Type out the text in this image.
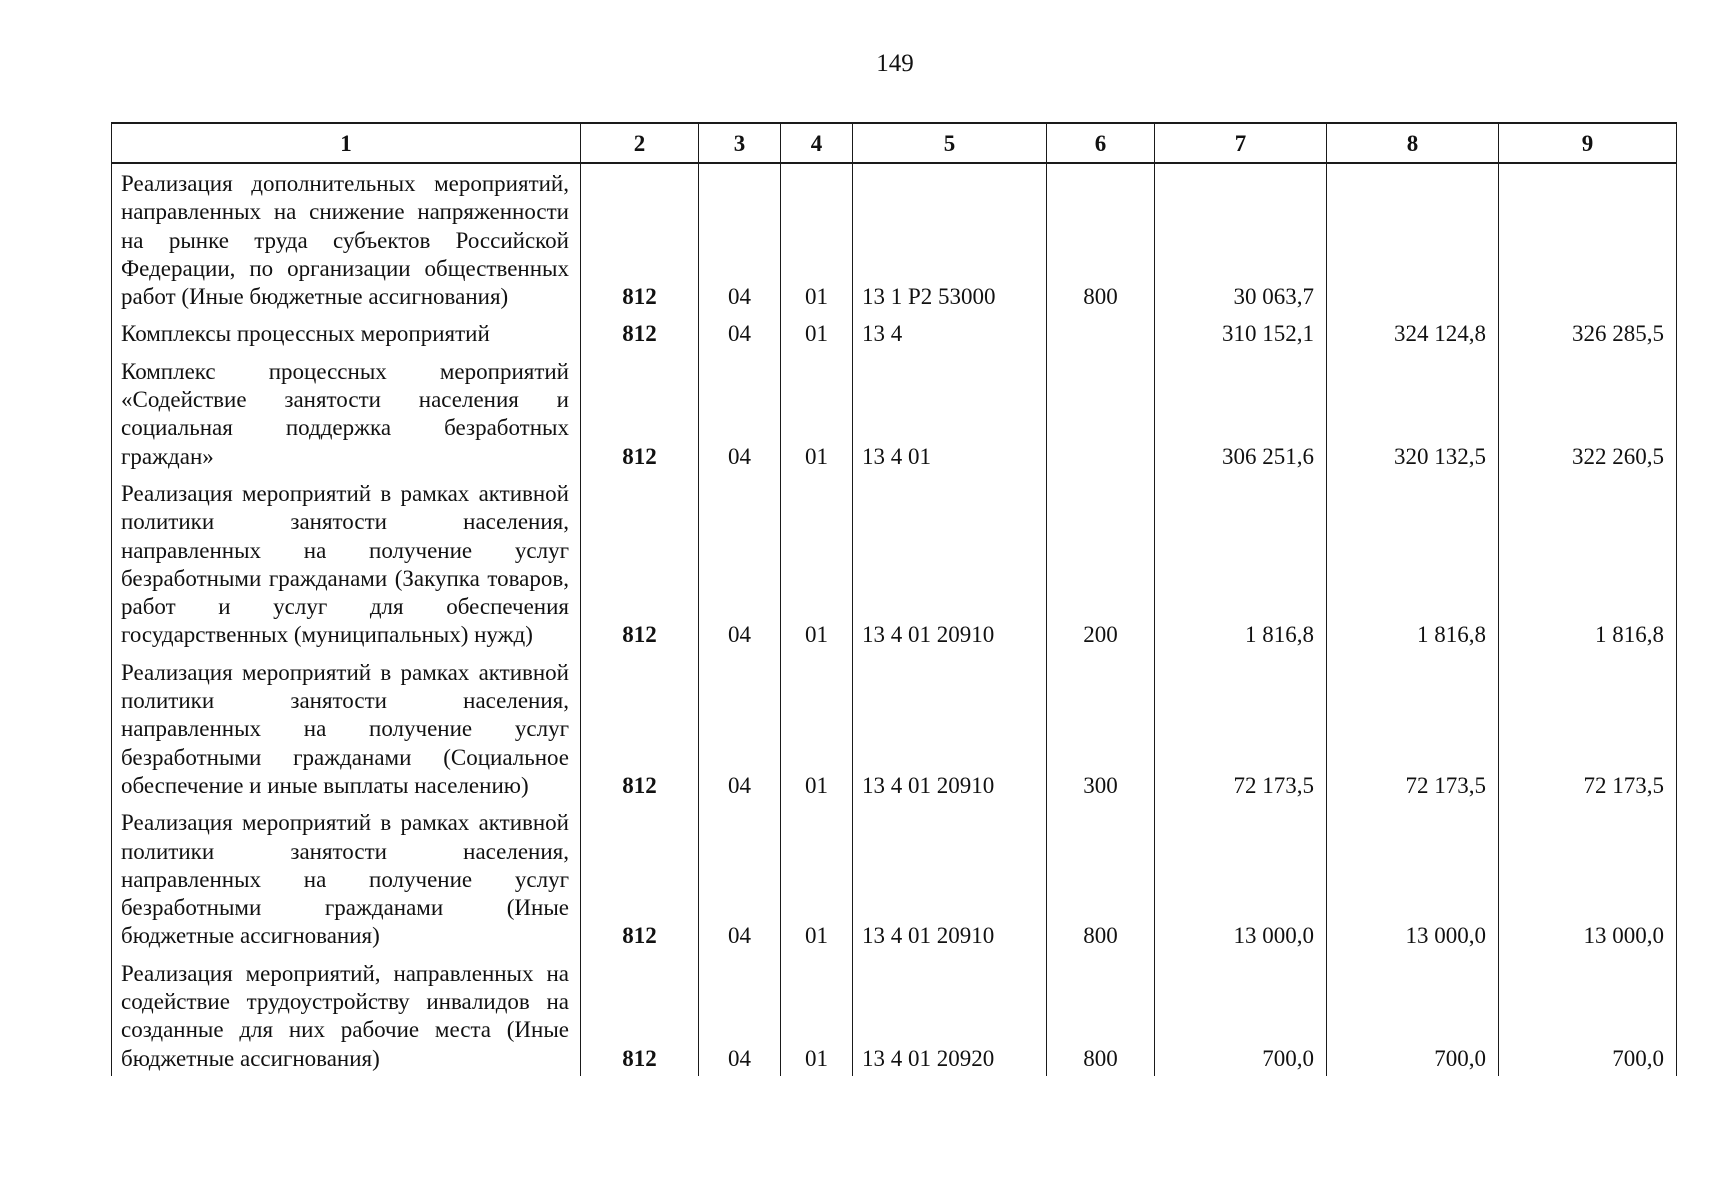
149
1	2	3	4	5	6	7	8	9
Реализация дополнительных мероприятий, направленных на снижение напряженности на рынке труда субъектов Российской Федерации, по организации общественных работ (Иные бюджетные ассигнования)	812	04	01	13 1 Р2 53000	800	30 063,7		
Комплексы процессных мероприятий	812	04	01	13 4		310 152,1	324 124,8	326 285,5
Комплекс процессных мероприятий «Содействие занятости населения и социальная поддержка безработных граждан»	812	04	01	13 4 01		306 251,6	320 132,5	322 260,5
Реализация мероприятий в рамках активной политики занятости населения, направленных на получение услуг безработными гражданами (Закупка товаров, работ и услуг для обеспечения государственных (муниципальных) нужд)	812	04	01	13 4 01 20910	200	1 816,8	1 816,8	1 816,8
Реализация мероприятий в рамках активной политики занятости населения, направленных на получение услуг безработными гражданами (Социальное обеспечение и иные выплаты населению)	812	04	01	13 4 01 20910	300	72 173,5	72 173,5	72 173,5
Реализация мероприятий в рамках активной политики занятости населения, направленных на получение услуг безработными гражданами (Иные бюджетные ассигнования)	812	04	01	13 4 01 20910	800	13 000,0	13 000,0	13 000,0
Реализация мероприятий, направленных на содействие трудоустройству инвалидов на созданные для них рабочие места (Иные бюджетные ассигнования)	812	04	01	13 4 01 20920	800	700,0	700,0	700,0
